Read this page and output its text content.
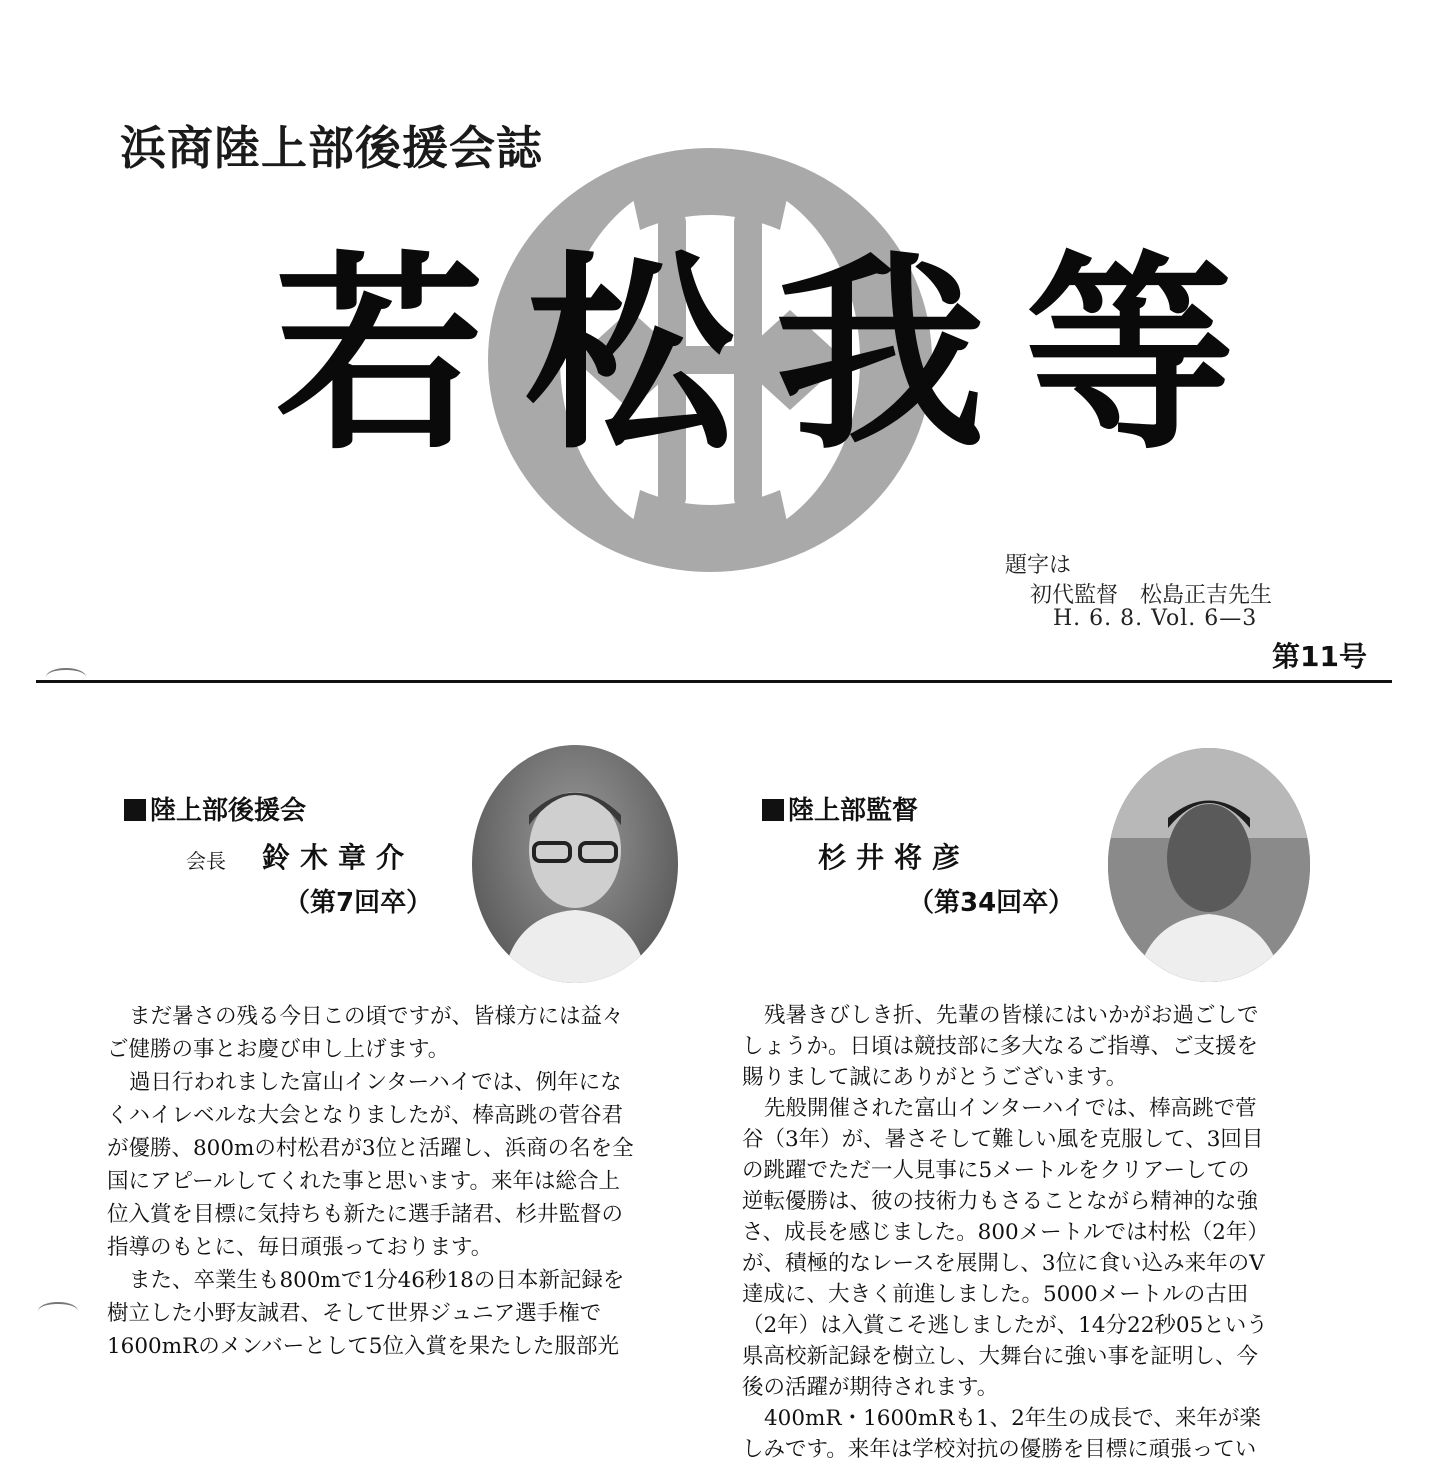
浜商陸上部後援会誌
若 松 我 等
題字は
初代監督　松島正吉先生
H. 6. 8. Vol. 6—3
第11号
陸上部後援会
会長 鈴木章介
（第7回卒）

まだ暑さの残る今日この頃ですが、皆様方には益々

ご健勝の事とお慶び申し上げます。

過日行われました富山インターハイでは、例年にな

くハイレベルな大会となりましたが、棒高跳の菅谷君

が優勝、800mの村松君が3位と活躍し、浜商の名を全

国にアピールしてくれた事と思います。来年は総合上

位入賞を目標に気持ちも新たに選手諸君、杉井監督の

指導のもとに、毎日頑張っております。

また、卒業生も800mで1分46秒18の日本新記録を

樹立した小野友誠君、そして世界ジュニア選手権で

1600mRのメンバーとして5位入賞を果たした服部光

陸上部監督
杉井将彦
（第34回卒）

残暑きびしき折、先輩の皆様にはいかがお過ごしで

しょうか。日頃は競技部に多大なるご指導、ご支援を

賜りまして誠にありがとうございます。

先般開催された富山インターハイでは、棒高跳で菅

谷（3年）が、暑さそして難しい風を克服して、3回目

の跳躍でただ一人見事に5メートルをクリアーしての

逆転優勝は、彼の技術力もさることながら精神的な強

さ、成長を感じました。800メートルでは村松（2年）

が、積極的なレースを展開し、3位に食い込み来年のV

達成に、大きく前進しました。5000メートルの古田

（2年）は入賞こそ逃しましたが、14分22秒05という

県高校新記録を樹立し、大舞台に強い事を証明し、今

後の活躍が期待されます。

400mR・1600mRも1、2年生の成長で、来年が楽

しみです。来年は学校対抗の優勝を目標に頑張ってい
